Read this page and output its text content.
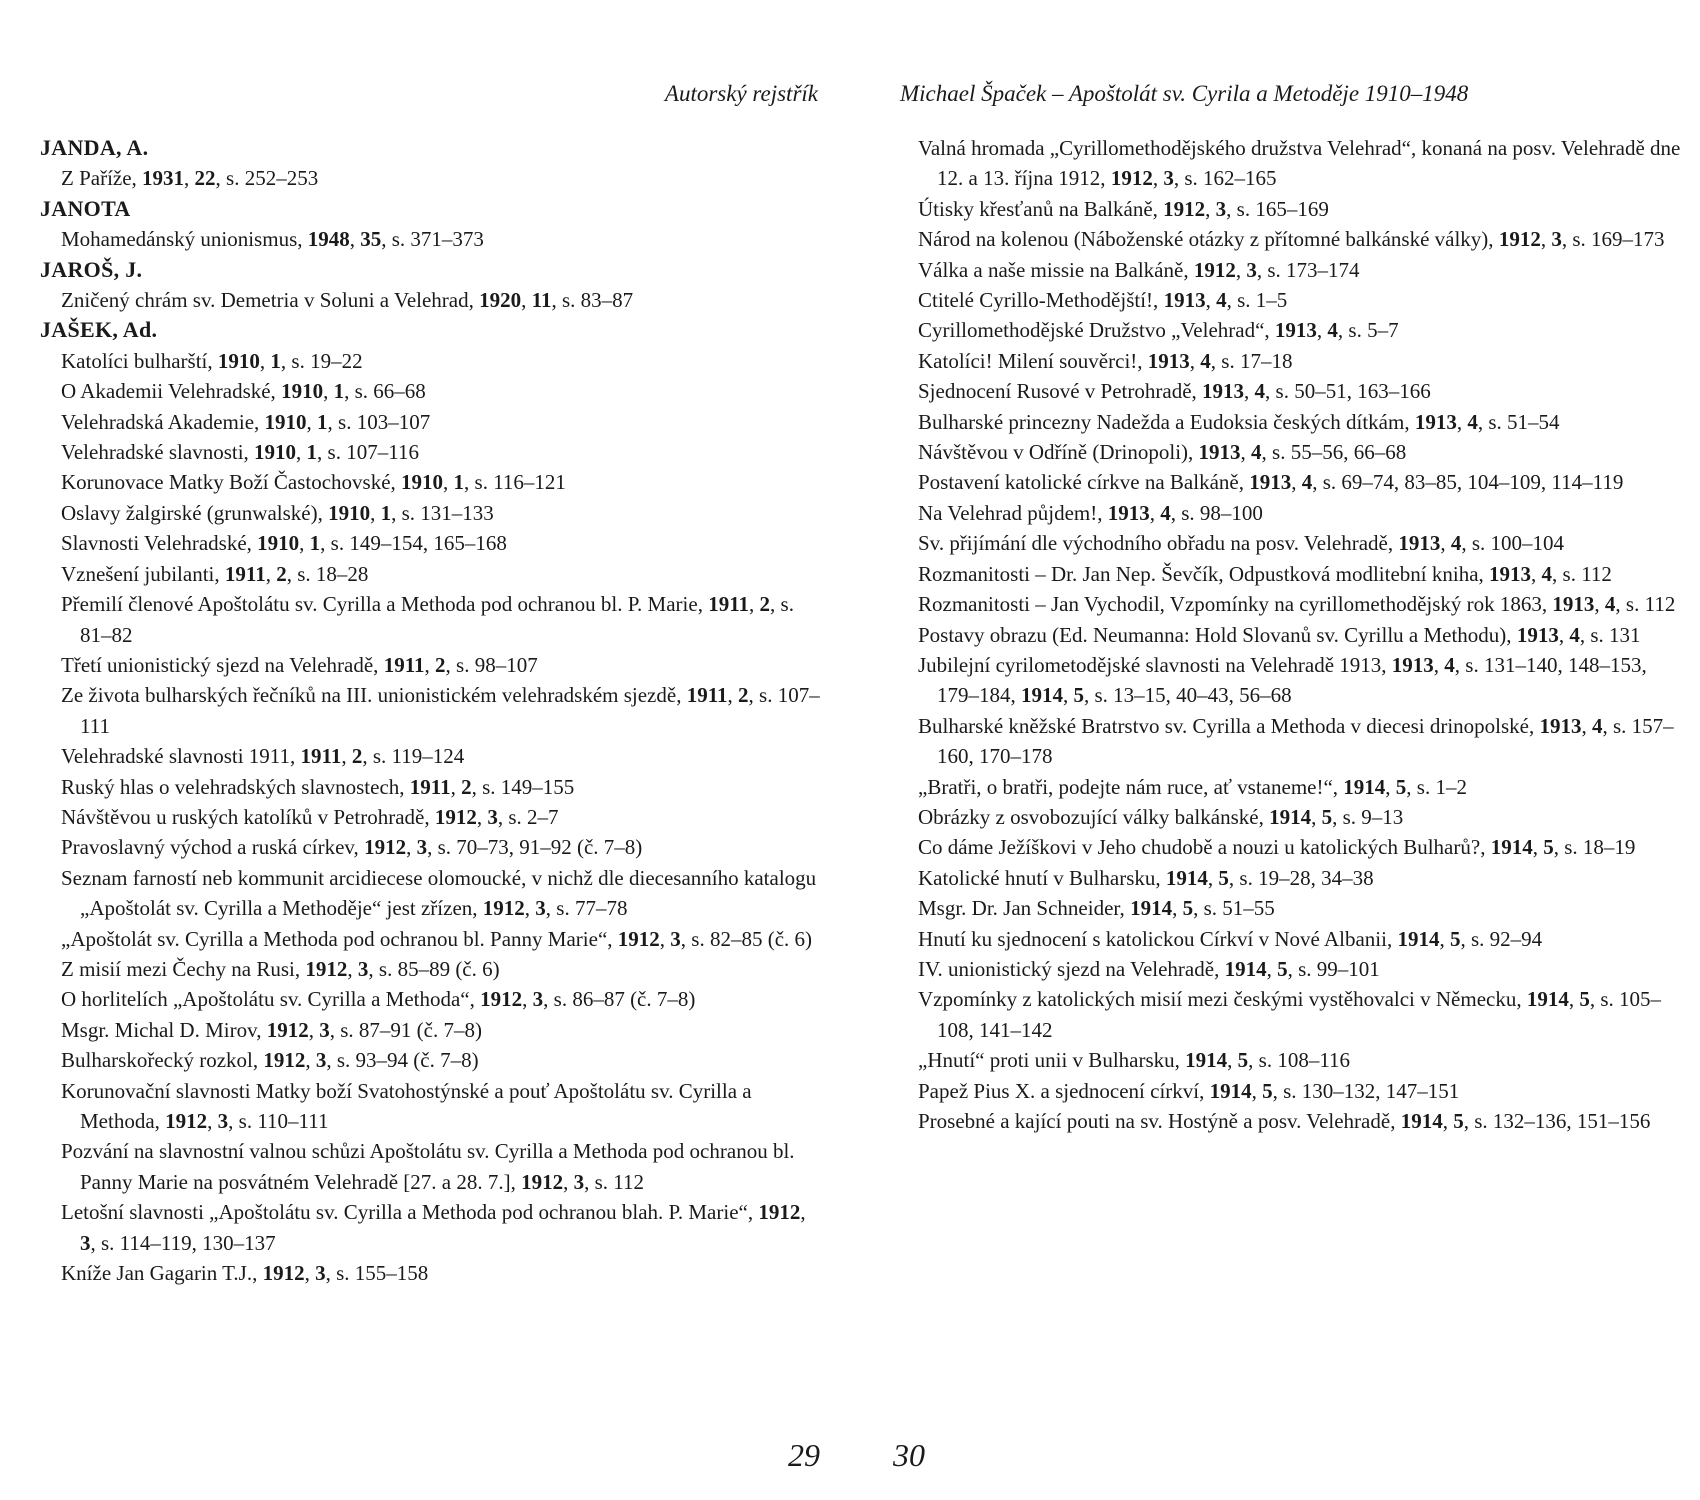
Autorský rejstřík
JANDA, A.
Z Paříže, 1931, 22, s. 252–253
JANOTA
Mohamedánský unionismus, 1948, 35, s. 371–373
JAROŠ, J.
Zničený chrám sv. Demetria v Soluni a Velehrad, 1920, 11, s. 83–87
JAŠEK, Ad.
Katolíci bulharští, 1910, 1, s. 19–22
O Akademii Velehradské, 1910, 1, s. 66–68
Velehradská Akademie, 1910, 1, s. 103–107
Velehradské slavnosti, 1910, 1, s. 107–116
Korunovace Matky Boží Častochovské, 1910, 1, s. 116–121
Oslavy žalgirské (grunwalské), 1910, 1, s. 131–133
Slavnosti Velehradské, 1910, 1, s. 149–154, 165–168
Vznešení jubilanti, 1911, 2, s. 18–28
Přemilí členové Apoštolátu sv. Cyrilla a Methoda pod ochranou bl. P. Marie, 1911, 2, s. 81–82
Třetí unionistický sjezd na Velehradě, 1911, 2, s. 98–107
Ze života bulharských řečníků na III. unionistickém velehradském sjezdě, 1911, 2, s. 107–111
Velehradské slavnosti 1911, 1911, 2, s. 119–124
Ruský hlas o velehradských slavnostech, 1911, 2, s. 149–155
Návštěvou u ruských katolíků v Petrohradě, 1912, 3, s. 2–7
Pravoslavný východ a ruská církev, 1912, 3, s. 70–73, 91–92 (č. 7–8)
Seznam farností neb kommunit arcidiecese olomoucké, v nichž dle diecesanního katalogu „Apoštolát sv. Cyrilla a Methoděje“ jest zřízen, 1912, 3, s. 77–78
„Apoštolát sv. Cyrilla a Methoda pod ochranou bl. Panny Marie“, 1912, 3, s. 82–85 (č. 6)
Z misií mezi Čechy na Rusi, 1912, 3, s. 85–89 (č. 6)
O horlitelích „Apoštolátu sv. Cyrilla a Methoda“, 1912, 3, s. 86–87 (č. 7–8)
Msgr. Michal D. Mirov, 1912, 3, s. 87–91 (č. 7–8)
Bulharskořecký rozkol, 1912, 3, s. 93–94 (č. 7–8)
Korunovační slavnosti Matky boží Svatohostýnské a pouť Apoštolátu sv. Cyrilla a Methoda, 1912, 3, s. 110–111
Pozvání na slavnostní valnou schůzi Apoštolátu sv. Cyrilla a Methoda pod ochranou bl. Panny Marie na posvátném Velehradě [27. a 28. 7.], 1912, 3, s. 112
Letošní slavnosti „Apoštolátu sv. Cyrilla a Methoda pod ochranou blah. P. Marie“, 1912, 3, s. 114–119, 130–137
Kníže Jan Gagarin T.J., 1912, 3, s. 155–158
29
Michael Špaček – Apoštolát sv. Cyrila a Metoděje 1910–1948
Valná hromada „Cyrillomethodějského družstva Velehrad“, konaná na posv. Velehradě dne 12. a 13. října 1912, 1912, 3, s. 162–165
Útisky křesťanů na Balkáně, 1912, 3, s. 165–169
Národ na kolenou (Náboženské otázky z přítomné balkánské války), 1912, 3, s. 169–173
Válka a naše missie na Balkáně, 1912, 3, s. 173–174
Ctitelé Cyrillo-Methodějští!, 1913, 4, s. 1–5
Cyrillomethodějské Družstvo „Velehrad“, 1913, 4, s. 5–7
Katolíci! Milení souvěrci!, 1913, 4, s. 17–18
Sjednocení Rusové v Petrohradě, 1913, 4, s. 50–51, 163–166
Bulharské princezny Nadežda a Eudoksia českých dítkám, 1913, 4, s. 51–54
Návštěvou v Odříně (Drinopoli), 1913, 4, s. 55–56, 66–68
Postavení katolické církve na Balkáně, 1913, 4, s. 69–74, 83–85, 104–109, 114–119
Na Velehrad půjdem!, 1913, 4, s. 98–100
Sv. přijímání dle východního obřadu na posv. Velehradě, 1913, 4, s. 100–104
Rozmanitosti – Dr. Jan Nep. Ševčík, Odpustková modlitební kniha, 1913, 4, s. 112
Rozmanitosti – Jan Vychodil, Vzpomínky na cyrillomethodějský rok 1863, 1913, 4, s. 112
Postavy obrazu (Ed. Neumanna: Hold Slovanů sv. Cyrillu a Methodu), 1913, 4, s. 131
Jubilejní cyrilometodějské slavnosti na Velehradě 1913, 1913, 4, s. 131–140, 148–153, 179–184, 1914, 5, s. 13–15, 40–43, 56–68
Bulharské kněžské Bratrstvo sv. Cyrilla a Methoda v diecesi drinopolské, 1913, 4, s. 157–160, 170–178
„Bratři, o bratři, podejte nám ruce, ať vstaneme!“, 1914, 5, s. 1–2
Obrázky z osvobozující války balkánské, 1914, 5, s. 9–13
Co dáme Ježíškovi v Jeho chudobě a nouzi u katolických Bulharů?, 1914, 5, s. 18–19
Katolické hnutí v Bulharsku, 1914, 5, s. 19–28, 34–38
Msgr. Dr. Jan Schneider, 1914, 5, s. 51–55
Hnutí ku sjednocení s katolickou Církví v Nové Albanii, 1914, 5, s. 92–94
IV. unionistický sjezd na Velehradě, 1914, 5, s. 99–101
Vzpomínky z katolických misií mezi českými vystěhovalci v Německu, 1914, 5, s. 105–108, 141–142
„Hnutí“ proti unii v Bulharsku, 1914, 5, s. 108–116
Papež Pius X. a sjednocení církví, 1914, 5, s. 130–132, 147–151
Prosebné a kající pouti na sv. Hostýně a posv. Velehradě, 1914, 5, s. 132–136, 151–156
30
